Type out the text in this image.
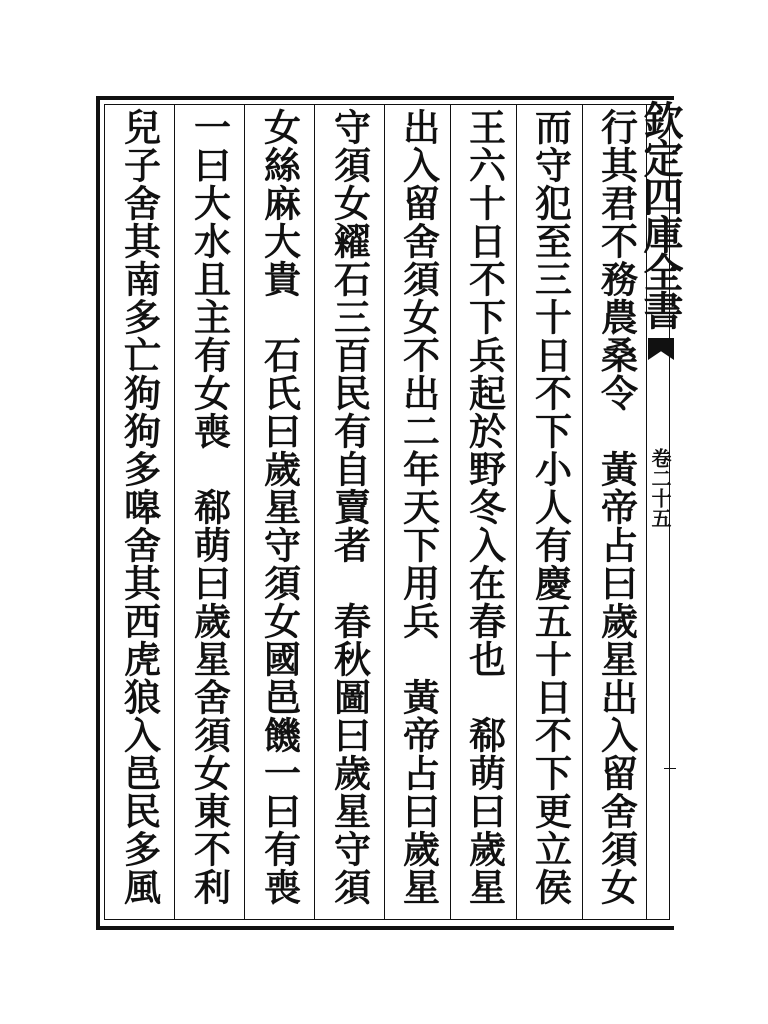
行其君不務農桑令　黃帝占曰歲星出入留舍須女
而守犯至三十日不下小人有慶五十日不下更立侯
王六十日不下兵起於野冬入在春也　郗萌曰歲星
出入留舍須女不出二年天下用兵　黃帝占曰歲星
守須女糴石三百民有自賣者　春秋圖曰歲星守須
女絲麻大貴　石氏曰歲星守須女國邑饑一曰有喪
一曰大水且主有女喪　郗萌曰歲星舍須女東不利
兒子舍其南多亡狗狗多嗥舍其西虎狼入邑民多風	欽定四庫全書
卷二十五
